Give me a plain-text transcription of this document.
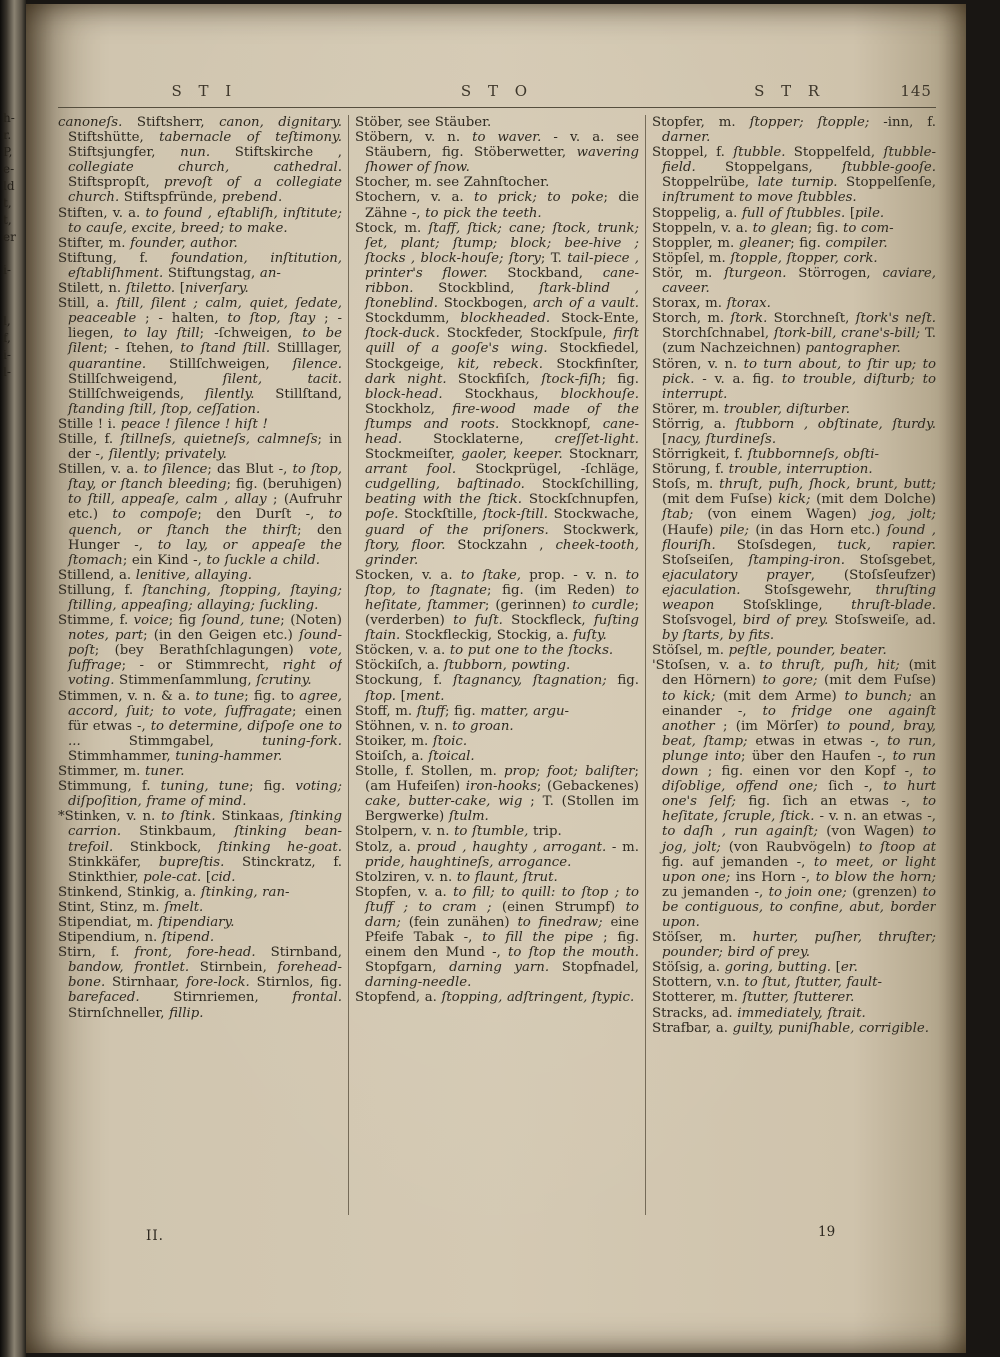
h-
r.
P,
e-
ld
t,
t,
er
i-
l,
f,
i-
l-
S T I	S T O	S T R	145

canoneſs. Stiftsherr, canon, dignitary. Stiftshütte, tabernacle of teſtimony. Stiftsjungfer, nun. Stiftskirche , collegiate church, cathedral. Stiftspropſt, prevoſt of a collegiate church. Stiftspfründe, prebend.

Stiften, v. a. to found , eſtabliſh, inſtitute; to cauſe, excite, breed; to make.

Stifter, m. founder, author.

Stiftung, f. foundation, inſtitution, eſtabliſhment. Stiftungstag, an-

Stilett, n. ſtiletto. [niverſary.

Still, a. ſtill, ſilent ; calm, quiet, ſedate, peaceable ; - halten, to ſtop, ſtay ; - liegen, to lay ſtill; -ſchweigen, to be ſilent; - ſtehen, to ſtand ſtill. Stilllager, quarantine. Stillſchweigen, ſilence. Stillſchweigend, ſilent, tacit. Stillſchweigends, ſilently. Stillſtand, ſtanding ſtill, ſtop, ceſſation.

Stille ! i. peace ! ſilence ! hiſt !

Stille, f. ſtillneſs, quietneſs, calmneſs; in der -, ſilently; privately.

Stillen, v. a. to ſilence; das Blut -, to ſtop, ſtay, or ſtanch bleeding; fig. (beruhigen) to ſtill, appeaſe, calm , allay ; (Aufruhr etc.) to compoſe; den Durſt -, to quench, or ſtanch the thirſt; den Hunger -, to lay, or appeaſe the ſtomach; ein Kind -, to ſuckle a child.

Stillend, a. lenitive, allaying.

Stillung, f. ſtanching, ſtopping, ſtaying; ſtilling, appeaſing; allaying; ſuckling.

Stimme, f. voice; fig ſound, tune; (Noten) notes, part; (in den Geigen etc.) ſound-poſt; (bey Berathſchlagungen) vote, ſuffrage; - or Stimmrecht, right of voting. Stimmenſammlung, ſcrutiny.

Stimmen, v. n. & a. to tune; fig. to agree, accord, ſuit; to vote, ſuffragate; einen für etwas -, to determine, diſpoſe one to ... Stimmgabel, tuning-fork. Stimmhammer, tuning-hammer.

Stimmer, m. tuner.

Stimmung, f. tuning, tune; fig. voting; diſpoſition, frame of mind.

*Stinken, v. n. to ſtink. Stinkaas, ſtinking carrion. Stinkbaum, ſtinking bean-trefoil. Stinkbock, ſtinking he-goat. Stinkkäfer, bupreſtis. Stinckratz, f. Stinkthier, pole-cat. [cid.

Stinkend, Stinkig, a. ſtinking, ran-

Stint, Stinz, m. ſmelt.

Stipendiat, m. ſtipendiary.

Stipendium, n. ſtipend.

Stirn, f. front, fore-head. Stirnband, bandow, frontlet. Stirnbein, forehead-bone. Stirnhaar, fore-lock. Stirnlos, fig. barefaced. Stirnriemen, frontal. Stirnſchneller, fillip.

Stöber, see Stäuber.

Stöbern, v. n. to waver. - v. a. see Stäubern, fig. Stöberwetter, wavering ſhower of ſnow.

Stocher, m. see Zahnſtocher.

Stochern, v. a. to prick; to poke; die Zähne -, to pick the teeth.

Stock, m. ſtaff, ſtick; cane; ſtock, trunk; ſet, plant; ſtump; block; bee-hive ; ſtocks , block-houſe; ſtory; T. tail-piece , printer's flower. Stockband, cane-ribbon. Stockblind, ſtark-blind , ſtoneblind. Stockbogen, arch of a vault. Stockdumm, blockheaded. Stock-Ente, ſtock-duck. Stockfeder, Stockſpule, firſt quill of a gooſe's wing. Stockfiedel, Stockgeige, kit, rebeck. Stockfinſter, dark night. Stockfiſch, ſtock-fiſh; fig. block-head. Stockhaus, blockhouſe. Stockholz, fire-wood made of the ſtumps and roots. Stockknopf, cane-head. Stocklaterne, creſſet-light. Stockmeiſter, gaoler, keeper. Stocknarr, arrant fool. Stockprügel, -ſchläge, cudgelling, baſtinado. Stockſchilling, beating with the ſtick. Stockſchnupfen, poſe. Stockſtille, ſtock-ſtill. Stockwache, guard of the priſoners. Stockwerk, ſtory, floor. Stockzahn , cheek-tooth, grinder.

Stocken, v. a. to ſtake, prop. - v. n. to ſtop, to ſtagnate; fig. (im Reden) to heſitate, ſtammer; (gerinnen) to curdle; (verderben) to fuſt. Stockfleck, fuſting ſtain. Stockfleckig, Stockig, a. fuſty.

Stöcken, v. a. to put one to the ſtocks.

Stöckiſch, a. ſtubborn, powting.

Stockung, f. ſtagnancy, ſtagnation; fig. ſtop. [ment.

Stoff, m. ſtuff; fig. matter, argu-

Stöhnen, v. n. to groan.

Stoiker, m. ſtoic.

Stoiſch, a. ſtoical.

Stolle, f. Stollen, m. prop; foot; baliſter; (am Hufeiſen) iron-hooks; (Gebackenes) cake, butter-cake, wig ; T. (Stollen im Bergwerke) ſtulm.

Stolpern, v. n. to ſtumble, trip.

Stolz, a. proud , haughty , arrogant. - m. pride, haughtineſs, arrogance.

Stolziren, v. n. to flaunt, ſtrut.

Stopfen, v. a. to fill; to quill: to ſtop ; to ſtuff ; to cram ; (einen Strumpf) to darn; (fein zunähen) to finedraw; eine Pfeife Tabak -, to fill the pipe ; fig. einem den Mund -, to ſtop the mouth. Stopfgarn, darning yarn. Stopfnadel, darning-needle.

Stopfend, a. ſtopping, adſtringent, ſtypic.

Stopfer, m. ſtopper; ſtopple; -inn, f. darner.

Stoppel, f. ſtubble. Stoppelfeld, ſtubble-field. Stoppelgans, ſtubble-gooſe. Stoppelrübe, late turnip. Stoppelſenſe, inſtrument to move ſtubbles.

Stoppelig, a. full of ſtubbles. [pile.

Stoppeln, v. a. to glean; fig. to com-

Stoppler, m. gleaner; fig. compiler.

Stöpſel, m. ſtopple, ſtopper, cork.

Stör, m. ſturgeon. Störrogen, caviare, caveer.

Storax, m. ſtorax.

Storch, m. ſtork. Storchneſt, ſtork's neſt. Storchſchnabel, ſtork-bill, crane's-bill; T. (zum Nachzeichnen) pantographer.

Stören, v. n. to turn about, to ſtir up; to pick. - v. a. fig. to trouble, diſturb; to interrupt.

Störer, m. troubler, diſturber.

Störrig, a. ſtubborn , obſtinate, ſturdy. [nacy, ſturdineſs.

Störrigkeit, f. ſtubbornneſs, obſti-

Störung, f. trouble, interruption.

Stoſs, m. thruſt, puſh, ſhock, brunt, butt; (mit dem Fuſse) kick; (mit dem Dolche) ſtab; (von einem Wagen) jog, jolt; (Haufe) pile; (in das Horn etc.) ſound , flouriſh. Stoſsdegen, tuck, rapier. Stoſseiſen, ſtamping-iron. Stoſsgebet, ejaculatory prayer, (Stoſsſeufzer) ejaculation. Stoſsgewehr, thruſting weapon Stoſsklinge, thruſt-blade. Stoſsvogel, bird of prey. Stoſsweiſe, ad. by ſtarts, by fits.

Stöſsel, m. peſtle, pounder, beater.

'Stoſsen, v. a. to thruſt, puſh, hit; (mit den Hörnern) to gore; (mit dem Fuſse) to kick; (mit dem Arme) to bunch; an einander -, to fridge one againſt another ; (im Mörſer) to pound, bray, beat, ſtamp; etwas in etwas -, to run, plunge into; über den Haufen -, to run down ; fig. einen vor den Kopf -, to diſoblige, offend one; ſich -, to hurt one's ſelf; fig. ſich an etwas -, to heſitate, ſcruple, ſtick. - v. n. an etwas -, to daſh , run againſt; (von Wagen) to jog, jolt; (von Raubvögeln) to ſtoop at fig. auf jemanden -, to meet, or light upon one; ins Horn -, to blow the horn; zu jemanden -, to join one; (grenzen) to be contiguous, to confine, abut, border upon.

Stöſser, m. hurter, puſher, thruſter; pounder; bird of prey.

Stöſsig, a. goring, butting. [er.

Stottern, v.n. to ſtut, ſtutter, fault-

Stotterer, m. ſtutter, ſtutterer.

Stracks, ad. immediately, ſtrait.

Strafbar, a. guilty, puniſhable, corrigible.

II.	19
